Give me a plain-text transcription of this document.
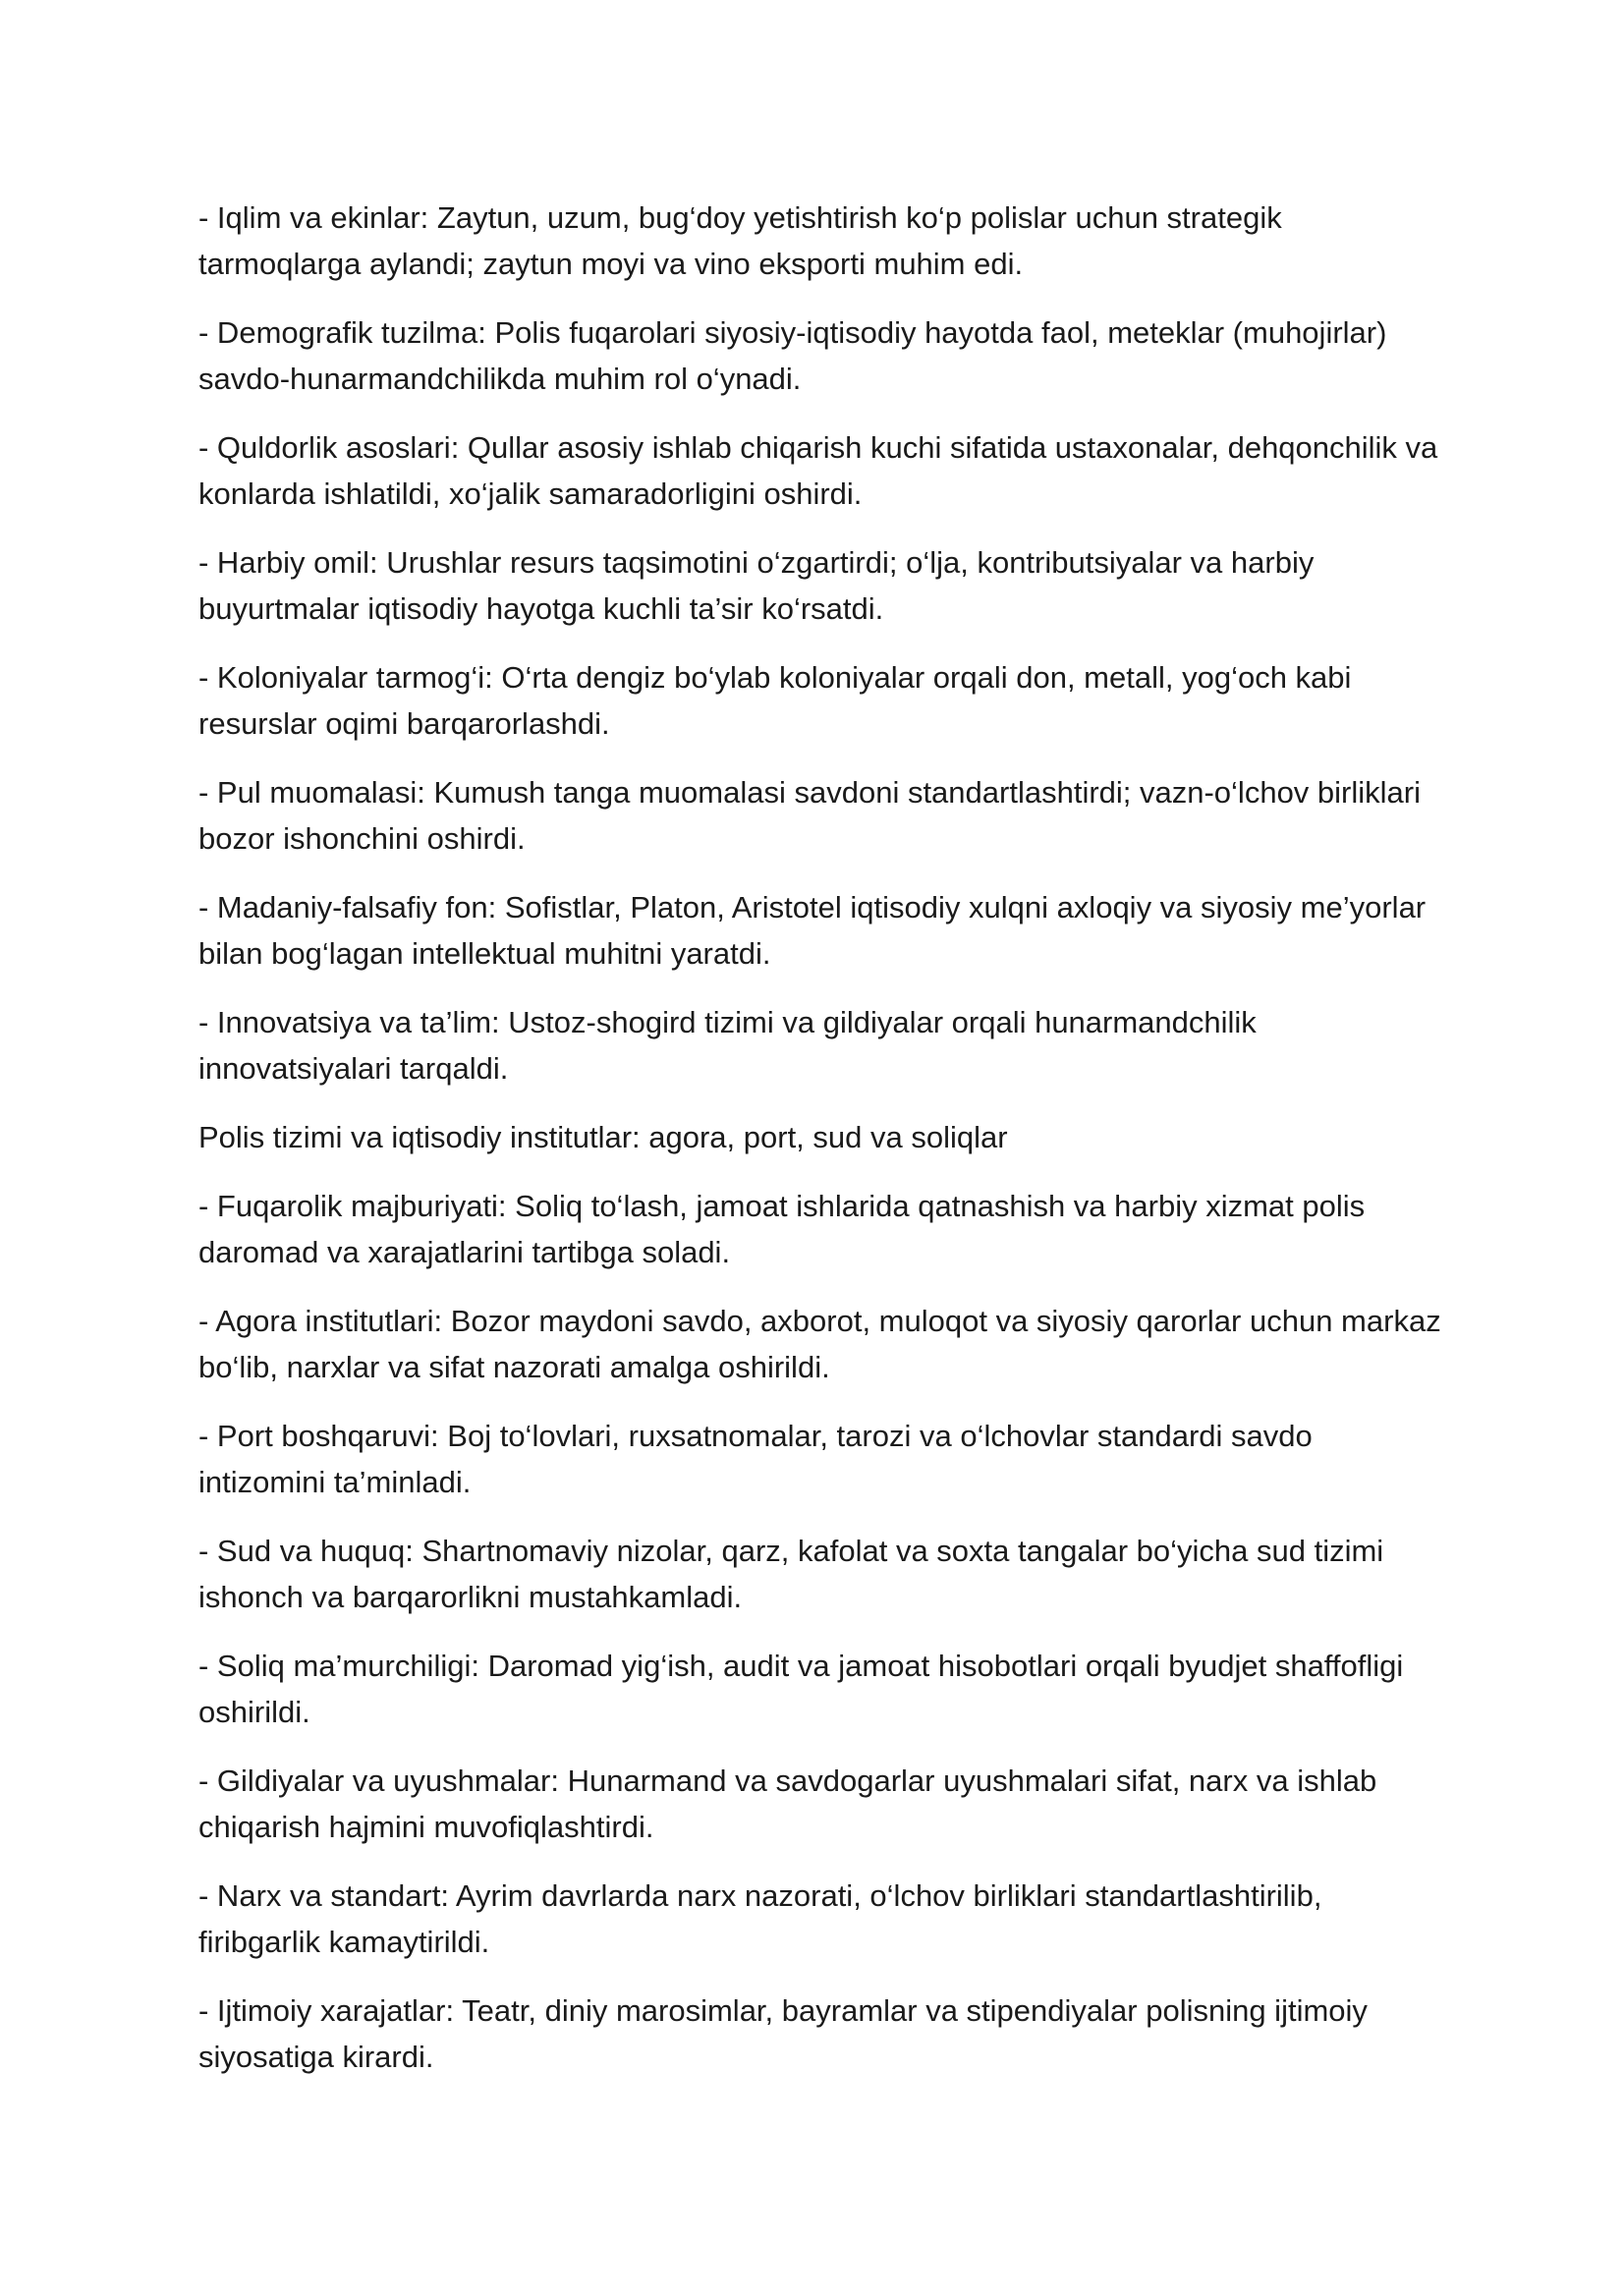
- Iqlim va ekinlar: Zaytun, uzum, bug‘doy yetishtirish ko‘p polislar uchun strategik tarmoqlarga aylandi; zaytun moyi va vino eksporti muhim edi.

- Demografik tuzilma: Polis fuqarolari siyosiy-iqtisodiy hayotda faol, meteklar (muhojirlar) savdo-hunarmandchilikda muhim rol o‘ynadi.

- Quldorlik asoslari: Qullar asosiy ishlab chiqarish kuchi sifatida ustaxonalar, dehqonchilik va konlarda ishlatildi, xo‘jalik samaradorligini oshirdi.

- Harbiy omil: Urushlar resurs taqsimotini o‘zgartirdi; o‘lja, kontributsiyalar va harbiy buyurtmalar iqtisodiy hayotga kuchli ta’sir ko‘rsatdi.

- Koloniyalar tarmog‘i: O‘rta dengiz bo‘ylab koloniyalar orqali don, metall, yog‘och kabi resurslar oqimi barqarorlashdi.

- Pul muomalasi: Kumush tanga muomalasi savdoni standartlashtirdi; vazn-o‘lchov birliklari bozor ishonchini oshirdi.

- Madaniy-falsafiy fon: Sofistlar, Platon, Aristotel iqtisodiy xulqni axloqiy va siyosiy me’yorlar bilan bog‘lagan intellektual muhitni yaratdi.

- Innovatsiya va ta’lim: Ustoz-shogird tizimi va gildiyalar orqali hunarmandchilik innovatsiyalari tarqaldi.

Polis tizimi va iqtisodiy institutlar: agora, port, sud va soliqlar

- Fuqarolik majburiyati: Soliq to‘lash, jamoat ishlarida qatnashish va harbiy xizmat polis daromad va xarajatlarini tartibga soladi.

- Agora institutlari: Bozor maydoni savdo, axborot, muloqot va siyosiy qarorlar uchun markaz bo‘lib, narxlar va sifat nazorati amalga oshirildi.

- Port boshqaruvi: Boj to‘lovlari, ruxsatnomalar, tarozi va o‘lchovlar standardi savdo intizomini ta’minladi.

- Sud va huquq: Shartnomaviy nizolar, qarz, kafolat va soxta tangalar bo‘yicha sud tizimi ishonch va barqarorlikni mustahkamladi.

- Soliq ma’murchiligi: Daromad yig‘ish, audit va jamoat hisobotlari orqali byudjet shaffofligi oshirildi.

- Gildiyalar va uyushmalar: Hunarmand va savdogarlar uyushmalari sifat, narx va ishlab chiqarish hajmini muvofiqlashtirdi.

- Narx va standart: Ayrim davrlarda narx nazorati, o‘lchov birliklari standartlashtirilib, firibgarlik kamaytirildi.

- Ijtimoiy xarajatlar: Teatr, diniy marosimlar, bayramlar va stipendiyalar polisning ijtimoiy siyosatiga kirardi.
